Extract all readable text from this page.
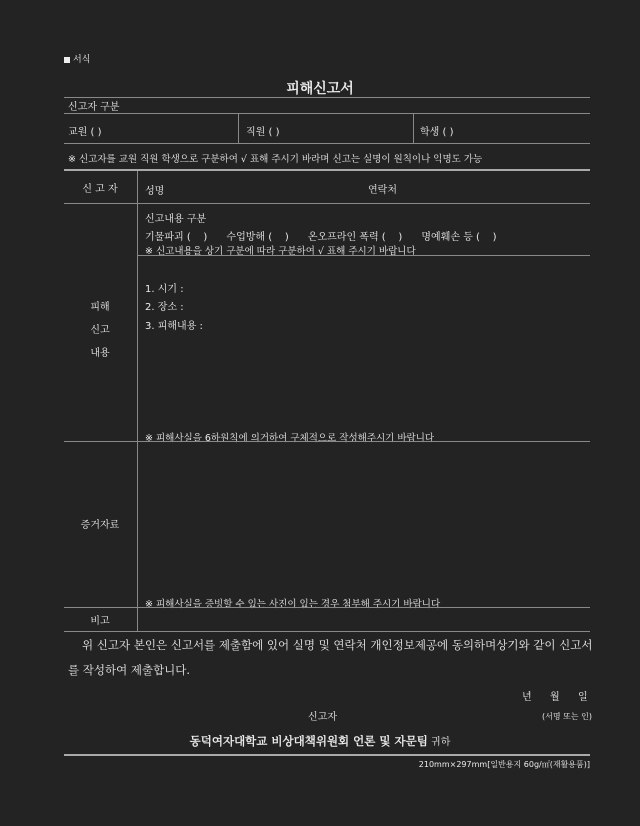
서식
피해신고서
신고자 구분
교원 ( )	직원 ( )	학생 ( )
※ 신고자를 교원 직원 학생으로 구분하여 √ 표해 주시기 바라며 신고는 실명이 원칙이나 익명도 가능
신 고 자	성명	연락처
피해
신고
내용
신고내용 구분
기물파괴 (    )      수업방해 (    )      온오프라인 폭력 (    )      명예훼손 등 (    )
※ 신고내용을 상기 구분에 따라 구분하여 √ 표해 주시기 바랍니다
1. 시기 :
2. 장소 :
3. 피해내용 :
※ 피해사실을 6하원칙에 의거하여 구체적으로 작성해주시기 바랍니다
증거자료
※ 피해사실을 증빙할 수 있는 사진이 있는 경우 첨부해 주시기 바랍니다
비고
위 신고자 본인은 신고서를 제출함에 있어 실명 및 연락처 개인정보제공에 동의하며상기와 같이 신고서
를 작성하여 제출합니다.
년 월 일
신고자	(서명 또는 인)
동덕여자대학교 비상대책위원회 언론 및 자문팀 귀하
210mm×297mm[일반용지 60g/㎡(재활용품)]
